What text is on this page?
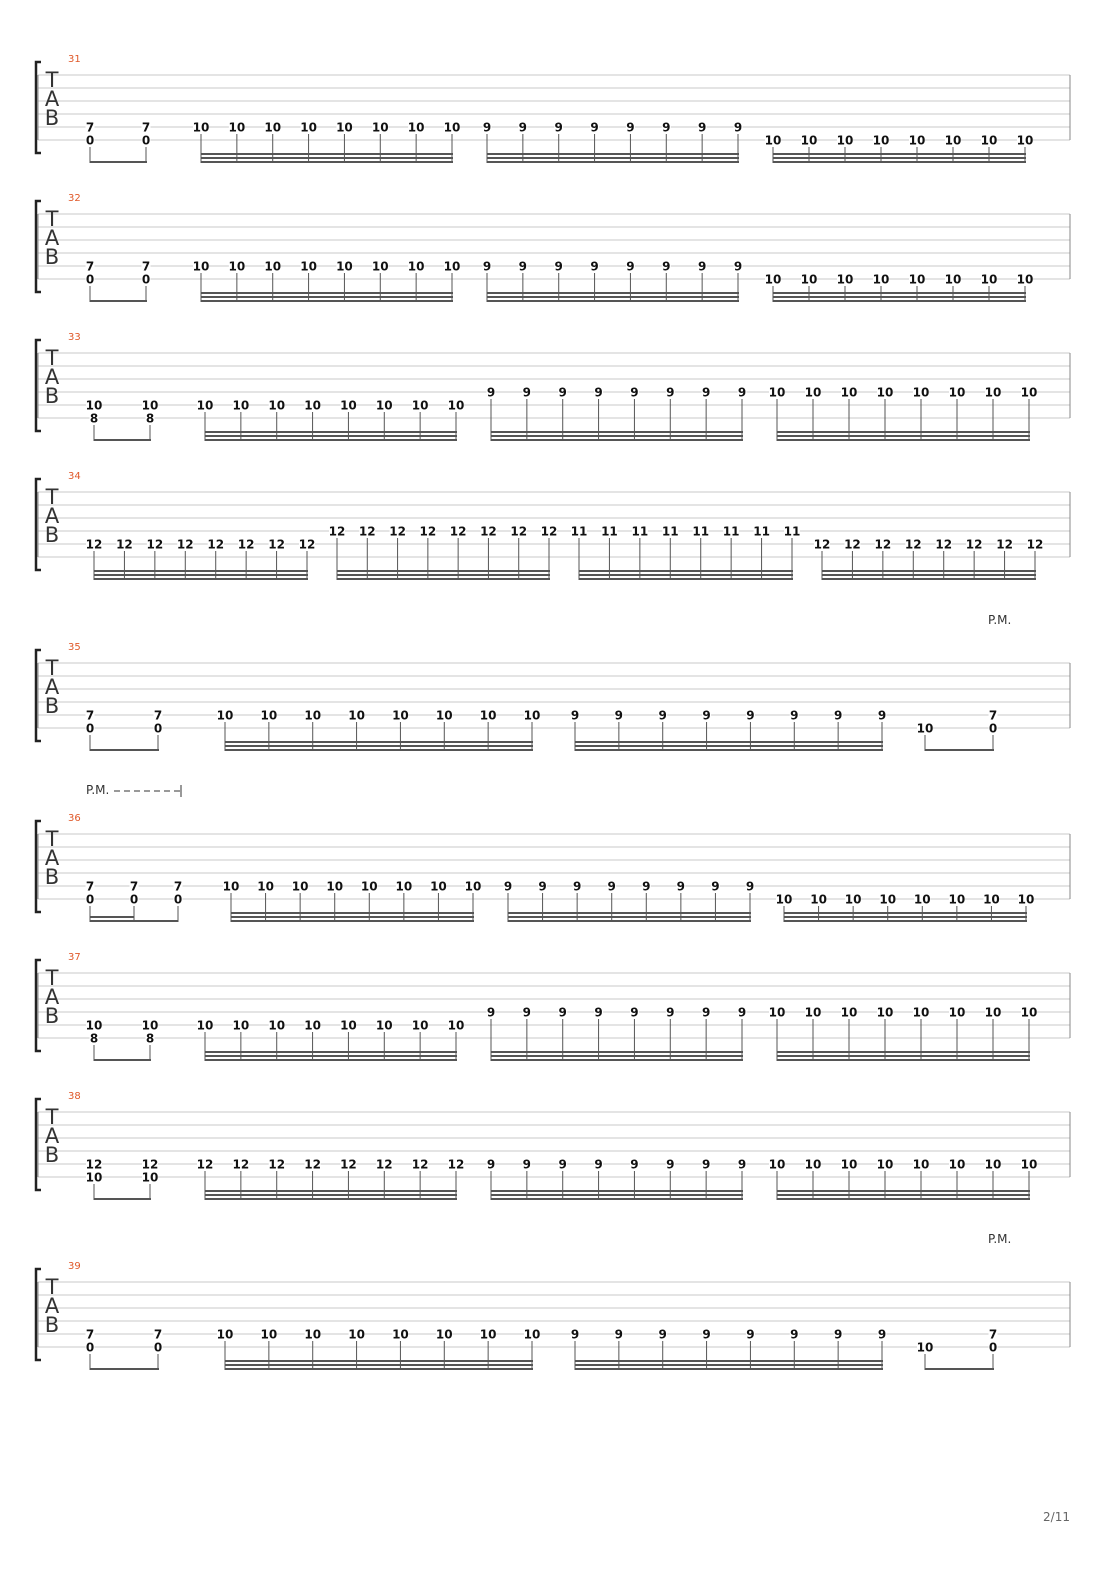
T
A
B
31
7
0
7
0
10 10 10 10 10 10 10 10 9 9 9 9 9 9 9 9
10 10 10 10 10 10 10 10
T
A
B
32
7
0
7
0
10 10 10 10 10 10 10 10 9 9 9 9 9 9 9 9
10 10 10 10 10 10 10 10
T
A
B
33
10
8
10
8
10 10 10 10 10 10 10 10
9 9 9 9 9 9 9 9 10 10 10 10 10 10 10 10
T
A
B
34
12 12 12 12 12 12 12 12
12 12 12 12 12 12 12 12 11 11 11 11 11 11 11 11
12 12 12 12 12 12 12 12
T
A
B
35
P.M.
7
0
7
0
10 10 10 10 10 10 10 10	9	9	9	9	9	9	9	9
10
7
0
T
A
B
36
P.M.
7
0
7
0
7
0
10 10 10 10 10 10 10 10 9 9 9 9 9 9 9 9
10 10 10 10 10 10 10 10
T
A
B
37
10
8
10
8
10 10 10 10 10 10 10 10
9 9 9 9 9 9 9 9 10 10 10 10 10 10 10 10
T
A
B
38
12
10
12
10
12 12 12 12 12 12 12 12 9 9 9 9 9 9 9 9 10 10 10 10 10 10 10 10
T
A
B
39
P.M.
7
0
7
0
10 10 10 10 10 10 10 10	9	9	9	9	9	9	9	9
10
7
0
2/11
